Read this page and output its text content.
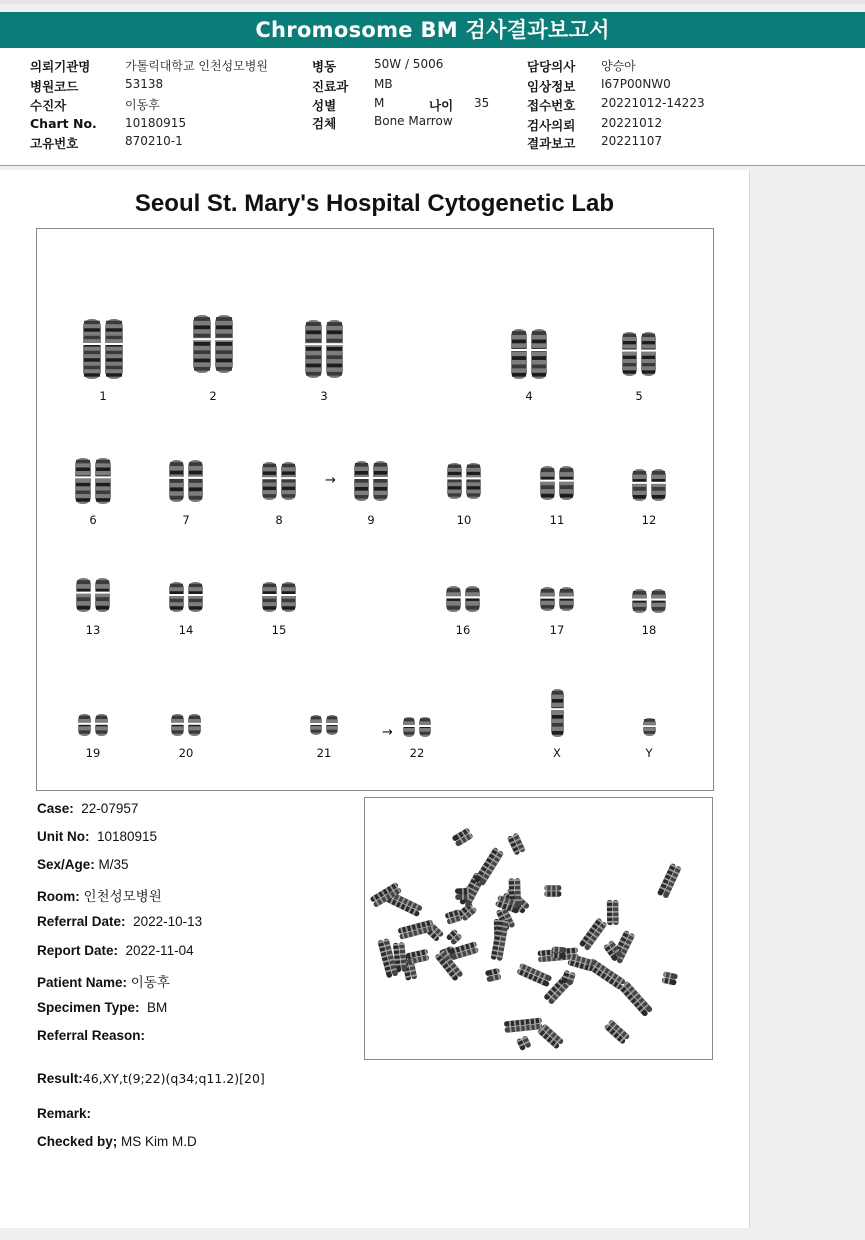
Chromosome BM 검사결과보고서
의뢰기관명	가톨릭대학교 인천성모병원
병원코드	53138
수진자	이동후
Chart No. 10180915
고유번호	870210-1
병동	50W / 5006
진료과 MB
성별	M	나이 35
검체	Bone Marrow
담당의사 양승아
임상정보 I67P00NW0
접수번호 20221012-14223
검사의뢰 20221012
결과보고 20221107
Seoul St. Mary's Hospital Cytogenetic Lab
1	2	3	4	5
6	7	8	9	10	11	12
13	14	15	16	17	18
19	20	21	22	X	Y
→
→
Case: 22-07957
Unit No: 10180915
Sex/Age: M/35
Room: 인천성모병원
Referral Date: 2022-10-13
Report Date: 2022-11-04
Patient Name: 이동후
Specimen Type: BM
Referral Reason:
Result:46,XY,t(9;22)(q34;q11.2)[20]
Remark:
Checked by; MS Kim M.D
